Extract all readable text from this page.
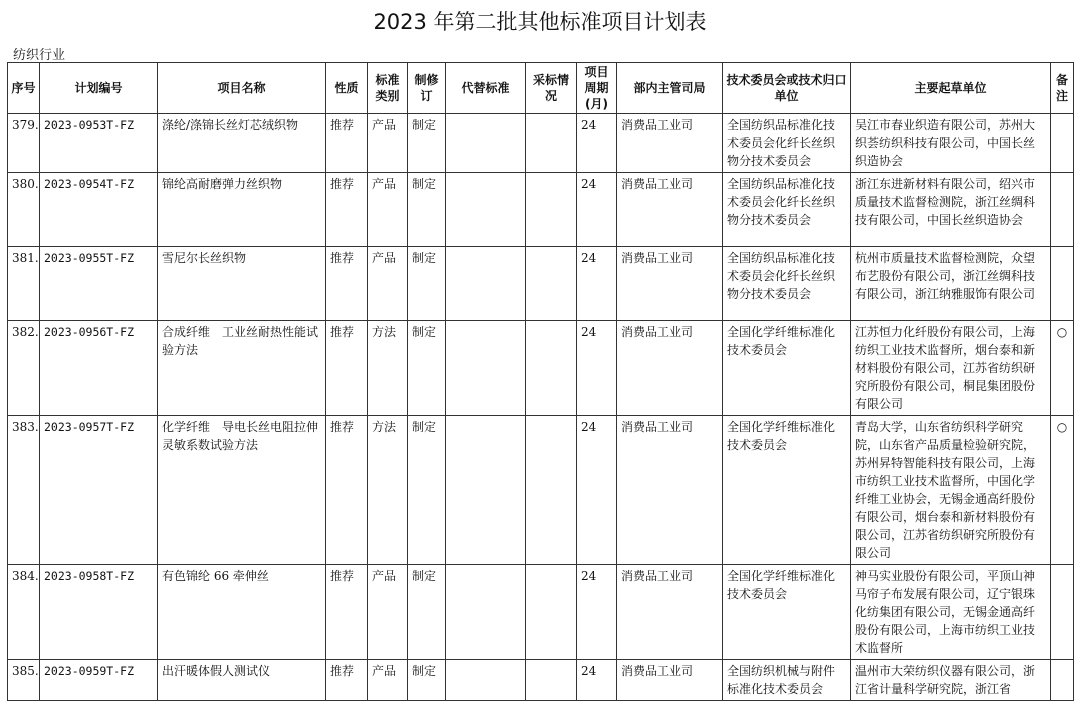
2023 年第二批其他标准项目计划表
纺织行业
序号	计划编号	项目名称	性质	标准类别	制修订	代替标准	采标情况	项目周期(月)	部内主管司局	技术委员会或技术归口单位	主要起草单位	备注
379.	2023-0953T-FZ	涤纶/涤锦长丝灯芯绒织物	推荐	产品	制定			24	消费品工业司	全国纺织品标准化技术委员会化纤长丝织物分技术委员会	吴江市春业织造有限公司，苏州大织荟纺织科技有限公司，中国长丝织造协会	
380.	2023-0954T-FZ	锦纶高耐磨弹力丝织物	推荐	产品	制定			24	消费品工业司	全国纺织品标准化技术委员会化纤长丝织物分技术委员会	浙江东进新材料有限公司，绍兴市质量技术监督检测院，浙江丝绸科技有限公司，中国长丝织造协会	
381.	2023-0955T-FZ	雪尼尔长丝织物	推荐	产品	制定			24	消费品工业司	全国纺织品标准化技术委员会化纤长丝织物分技术委员会	杭州市质量技术监督检测院，众望布艺股份有限公司，浙江丝绸科技有限公司，浙江纳雅服饰有限公司	
382.	2023-0956T-FZ	合成纤维　工业丝耐热性能试验方法	推荐	方法	制定			24	消费品工业司	全国化学纤维标准化技术委员会	江苏恒力化纤股份有限公司，上海纺织工业技术监督所，烟台泰和新材料股份有限公司，江苏省纺织研究所股份有限公司，桐昆集团股份有限公司	○
383.	2023-0957T-FZ	化学纤维　导电长丝电阻拉伸灵敏系数试验方法	推荐	方法	制定			24	消费品工业司	全国化学纤维标准化技术委员会	青岛大学，山东省纺织科学研究院，山东省产品质量检验研究院，苏州昇特智能科技有限公司，上海市纺织工业技术监督所，中国化学纤维工业协会，无锡金通高纤股份有限公司，烟台泰和新材料股份有限公司，江苏省纺织研究所股份有限公司	○
384.	2023-0958T-FZ	有色锦纶 66 牵伸丝	推荐	产品	制定			24	消费品工业司	全国化学纤维标准化技术委员会	神马实业股份有限公司，平顶山神马帘子布发展有限公司，辽宁银珠化纺集团有限公司，无锡金通高纤股份有限公司，上海市纺织工业技术监督所	
385.	2023-0959T-FZ	出汗暖体假人测试仪	推荐	产品	制定			24	消费品工业司	全国纺织机械与附件标准化技术委员会	温州市大荣纺织仪器有限公司，浙江省计量科学研究院，浙江省	
